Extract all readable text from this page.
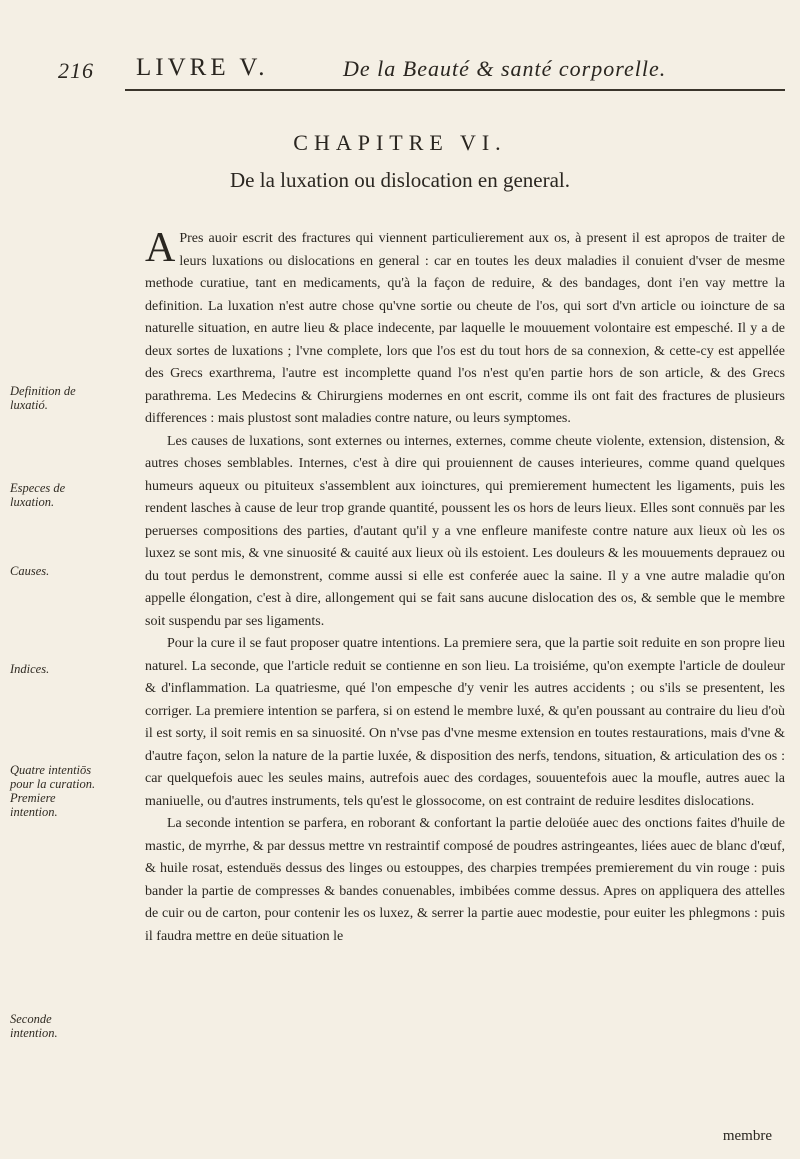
216 LIVRE V.	De la Beauté & santé corporelle.
CHAPITRE VI.
De la luxation ou dislocation en general.
Definition de luxatió.
Especes de luxation.
Causes.
Indices.
Quatre intentiōs pour la curation. Premiere intention.
Seconde intention.

A Pres auoir escrit des fractures qui viennent particulierement aux os, à present il est apropos de traiter de leurs luxations ou dislocations en general : car en toutes les deux maladies il conuient d'vser de mesme methode curatiue, tant en medicaments, qu'à la façon de reduire, & des bandages, dont i'en vay mettre la definition. La luxation n'est autre chose qu'vne sortie ou cheute de l'os, qui sort d'vn article ou ioincture de sa naturelle situation, en autre lieu & place indecente, par laquelle le mouuement volontaire est empesché. Il y a de deux sortes de luxations ; l'vne complete, lors que l'os est du tout hors de sa connexion, & cette-cy est appellée des Grecs exarthrema, l'autre est incomplette quand l'os n'est qu'en partie hors de son article, & des Grecs parathrema. Les Medecins & Chirurgiens modernes en ont escrit, comme ils ont fait des fractures de plusieurs differences : mais plustost sont maladies contre nature, ou leurs symptomes.

Les causes de luxations, sont externes ou internes, externes, comme cheute violente, extension, distension, & autres choses semblables. Internes, c'est à dire qui prouiennent de causes interieures, comme quand quelques humeurs aqueux ou pituiteux s'assemblent aux ioinctures, qui premierement humectent les ligaments, puis les rendent lasches à cause de leur trop grande quantité, poussent les os hors de leurs lieux. Elles sont connuës par les peruerses compositions des parties, d'autant qu'il y a vne enfleure manifeste contre nature aux lieux où les os luxez se sont mis, & vne sinuosité & cauité aux lieux où ils estoient. Les douleurs & les mouuements deprauez ou du tout perdus le demonstrent, comme aussi si elle est conferée auec la saine. Il y a vne autre maladie qu'on appelle élongation, c'est à dire, allongement qui se fait sans aucune dislocation des os, & semble que le membre soit suspendu par ses ligaments.

Pour la cure il se faut proposer quatre intentions. La premiere sera, que la partie soit reduite en son propre lieu naturel. La seconde, que l'article reduit se contienne en son lieu. La troisiéme, qu'on exempte l'article de douleur & d'inflammation. La quatriesme, qué l'on empesche d'y venir les autres accidents ; ou s'ils se presentent, les corriger. La premiere intention se parfera, si on estend le membre luxé, & qu'en poussant au contraire du lieu d'où il est sorty, il soit remis en sa sinuosité. On n'vse pas d'vne mesme extension en toutes restaurations, mais d'vne & d'autre façon, selon la nature de la partie luxée, & disposition des nerfs, tendons, situation, & articulation des os : car quelquefois auec les seules mains, autrefois auec des cordages, souuentefois auec la moufle, autres auec la maniuelle, ou d'autres instruments, tels qu'est le glossocome, on est contraint de reduire lesdites dislocations.

La seconde intention se parfera, en roborant & confortant la partie deloüée auec des onctions faites d'huile de mastic, de myrrhe, & par dessus mettre vn restraintif composé de poudres astringeantes, liées auec de blanc d'œuf, & huile rosat, estenduës dessus des linges ou estouppes, des charpies trempées premierement du vin rouge : puis bander la partie de compresses & bandes conuenables, imbibées comme dessus. Apres on appliquera des attelles de cuir ou de carton, pour contenir les os luxez, & serrer la partie auec modestie, pour euiter les phlegmons : puis il faudra mettre en deüe situation le

membre
